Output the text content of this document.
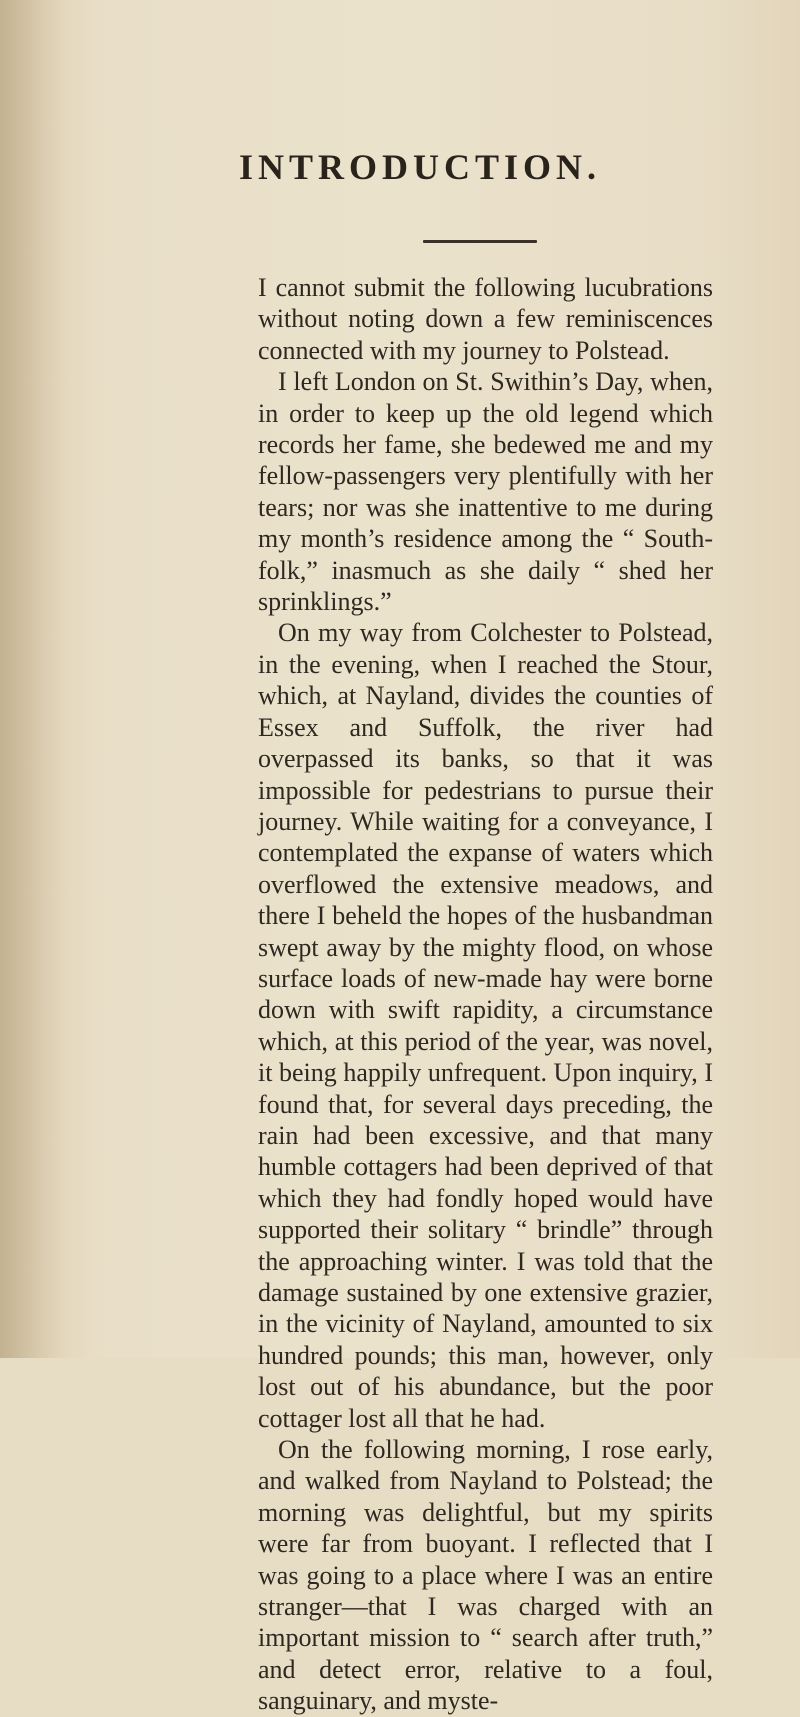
INTRODUCTION.

I cannot submit the following lucubrations without noting down a few reminiscences connected with my journey to Polstead.

I left London on St. Swithin’s Day, when, in order to keep up the old legend which records her fame, she bedewed me and my fellow-passengers very plentifully with her tears; nor was she inattentive to me during my month’s residence among the “ South-folk,” inasmuch as she daily “ shed her sprinklings.”

On my way from Colchester to Polstead, in the evening, when I reached the Stour, which, at Nayland, divides the counties of Essex and Suffolk, the river had overpassed its banks, so that it was impossible for pedestrians to pursue their journey. While waiting for a conveyance, I contemplated the expanse of waters which overflowed the extensive meadows, and there I beheld the hopes of the husbandman swept away by the mighty flood, on whose surface loads of new-made hay were borne down with swift rapidity, a circumstance which, at this period of the year, was novel, it being happily unfrequent. Upon inquiry, I found that, for several days preceding, the rain had been excessive, and that many humble cottagers had been deprived of that which they had fondly hoped would have supported their solitary “ brindle” through the approaching winter. I was told that the damage sustained by one extensive grazier, in the vicinity of Nayland, amounted to six hundred pounds; this man, however, only lost out of his abundance, but the poor cottager lost all that he had.

On the following morning, I rose early, and walked from Nayland to Polstead; the morning was delightful, but my spirits were far from buoyant. I reflected that I was going to a place where I was an entire stranger—that I was charged with an important mission to “ search after truth,” and detect error, relative to a foul, sanguinary, and myste-
